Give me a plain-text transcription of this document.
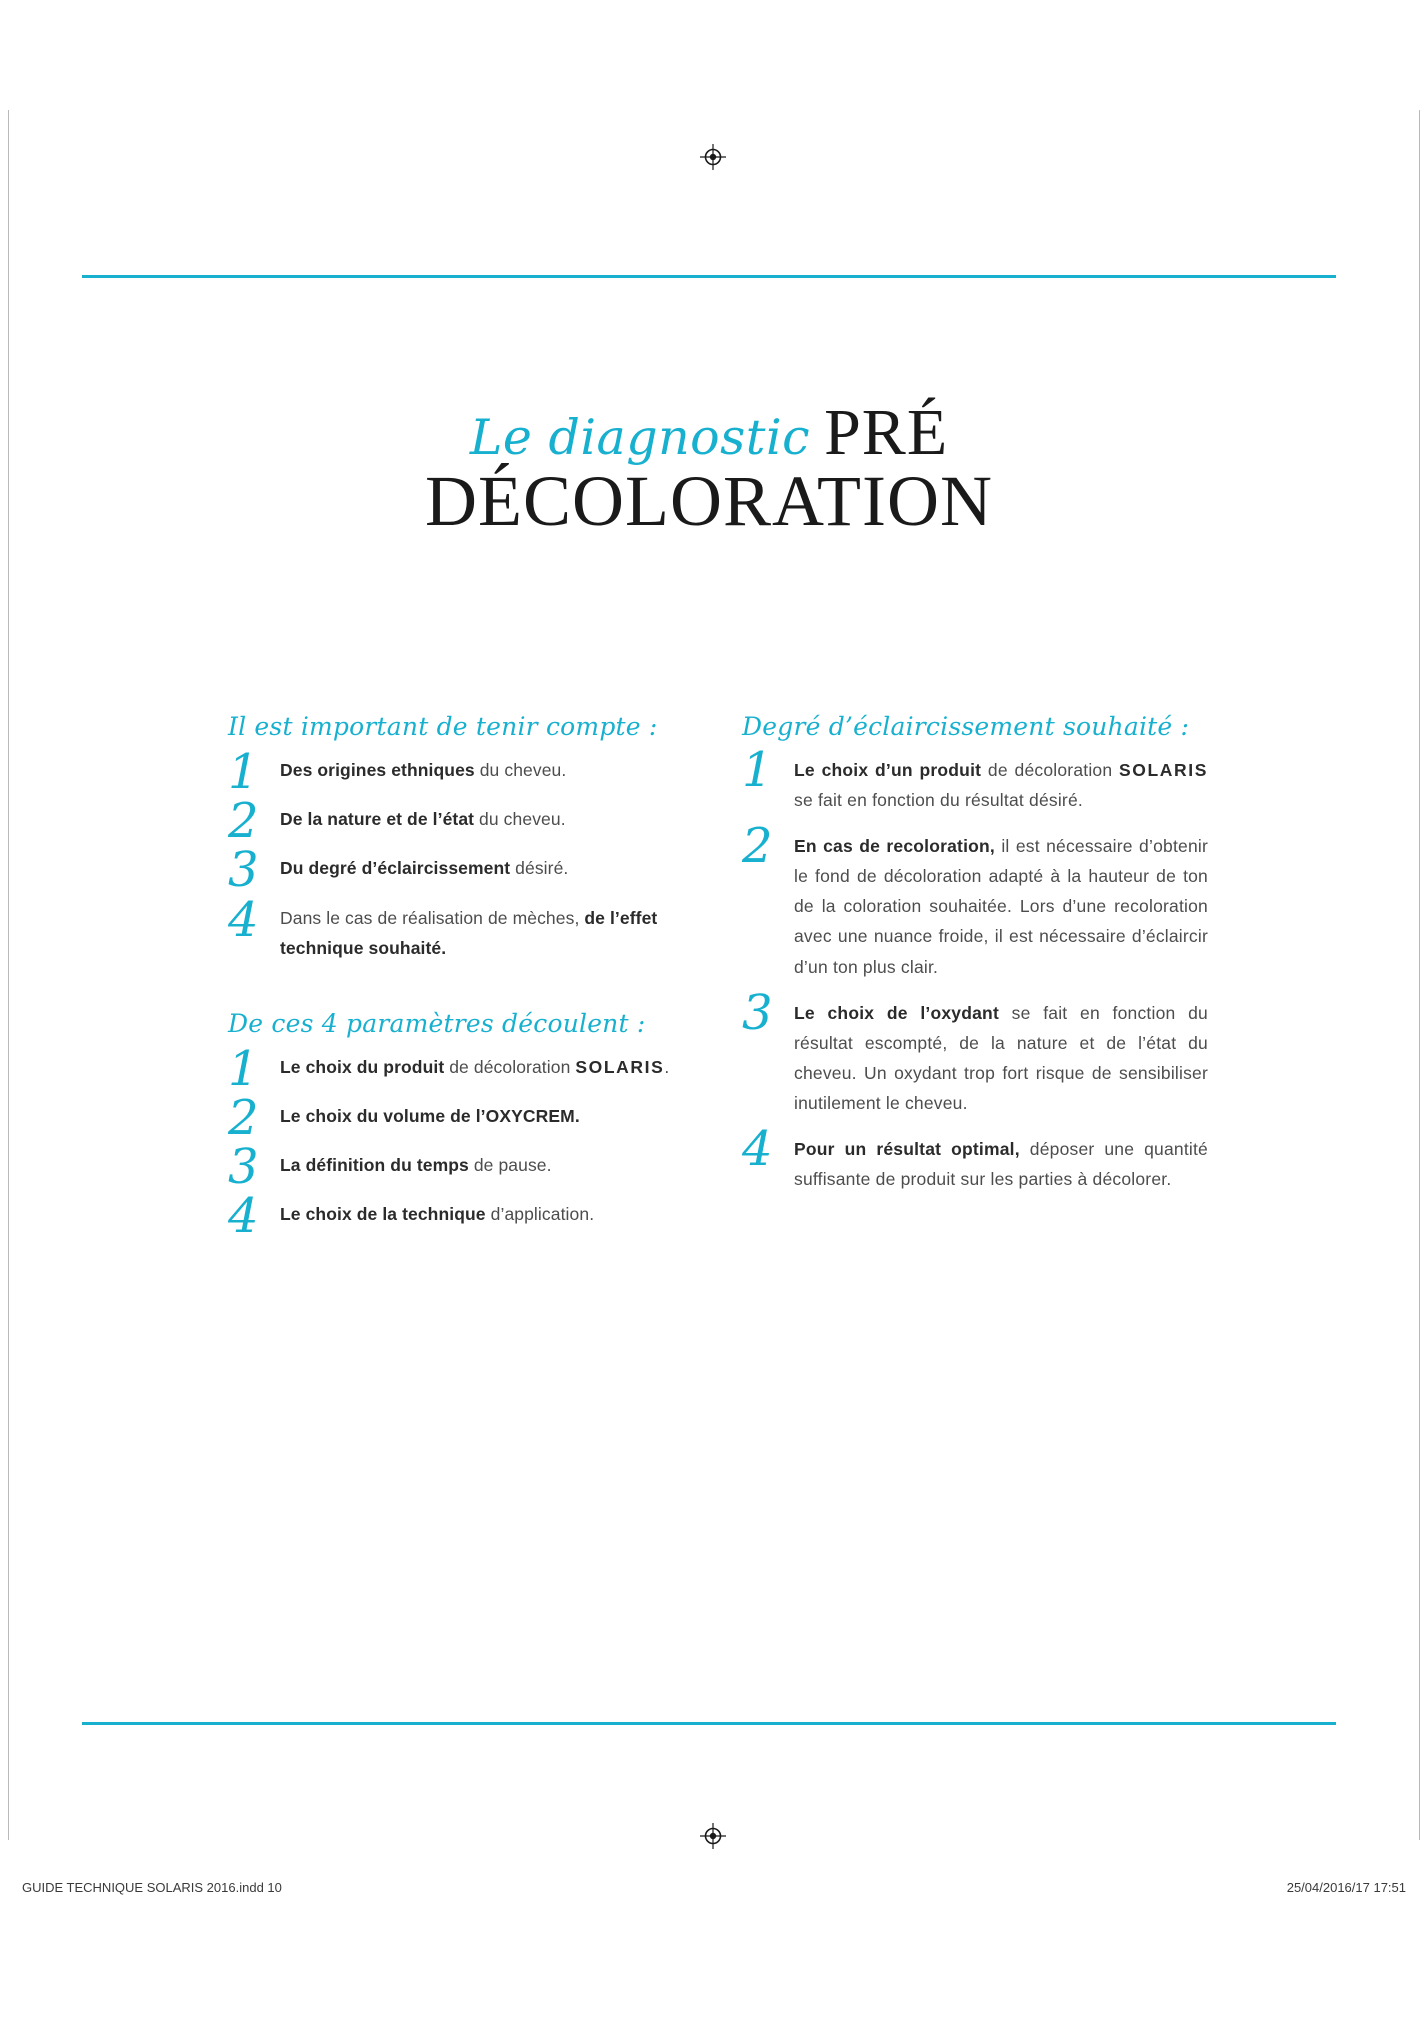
Le diagnostic PRÉ
DÉCOLORATION
Il est important de tenir compte :
1	Des origines ethniques du cheveu.
2	De la nature et de l’état du cheveu.
3	Du degré d’éclaircissement désiré.
4	Dans le cas de réalisation de mèches, de l’effet technique souhaité.
De ces 4 paramètres découlent :
1	Le choix du produit de décoloration SOLARIS.
2	Le choix du volume de l’OXYCREM.
3	La définition du temps de pause.
4	Le choix de la technique d’application.
Degré d’éclaircissement souhaité :
1	Le choix d’un produit de décoloration SOLARIS se fait en fonction du résultat désiré.
2	En cas de recoloration, il est nécessaire d’obtenir le fond de décoloration adapté à la hauteur de ton de la coloration souhaitée. Lors d’une recoloration avec une nuance froide, il est nécessaire d’éclaircir d’un ton plus clair.
3	Le choix de l’oxydant se fait en fonction du résultat escompté, de la nature et de l’état du cheveu. Un oxydant trop fort risque de sensibiliser inutilement le cheveu.
4	Pour un résultat optimal, déposer une quantité suffisante de produit sur les parties à décolorer.
GUIDE TECHNIQUE SOLARIS 2016.indd 10	25/04/2016/17 17:51
